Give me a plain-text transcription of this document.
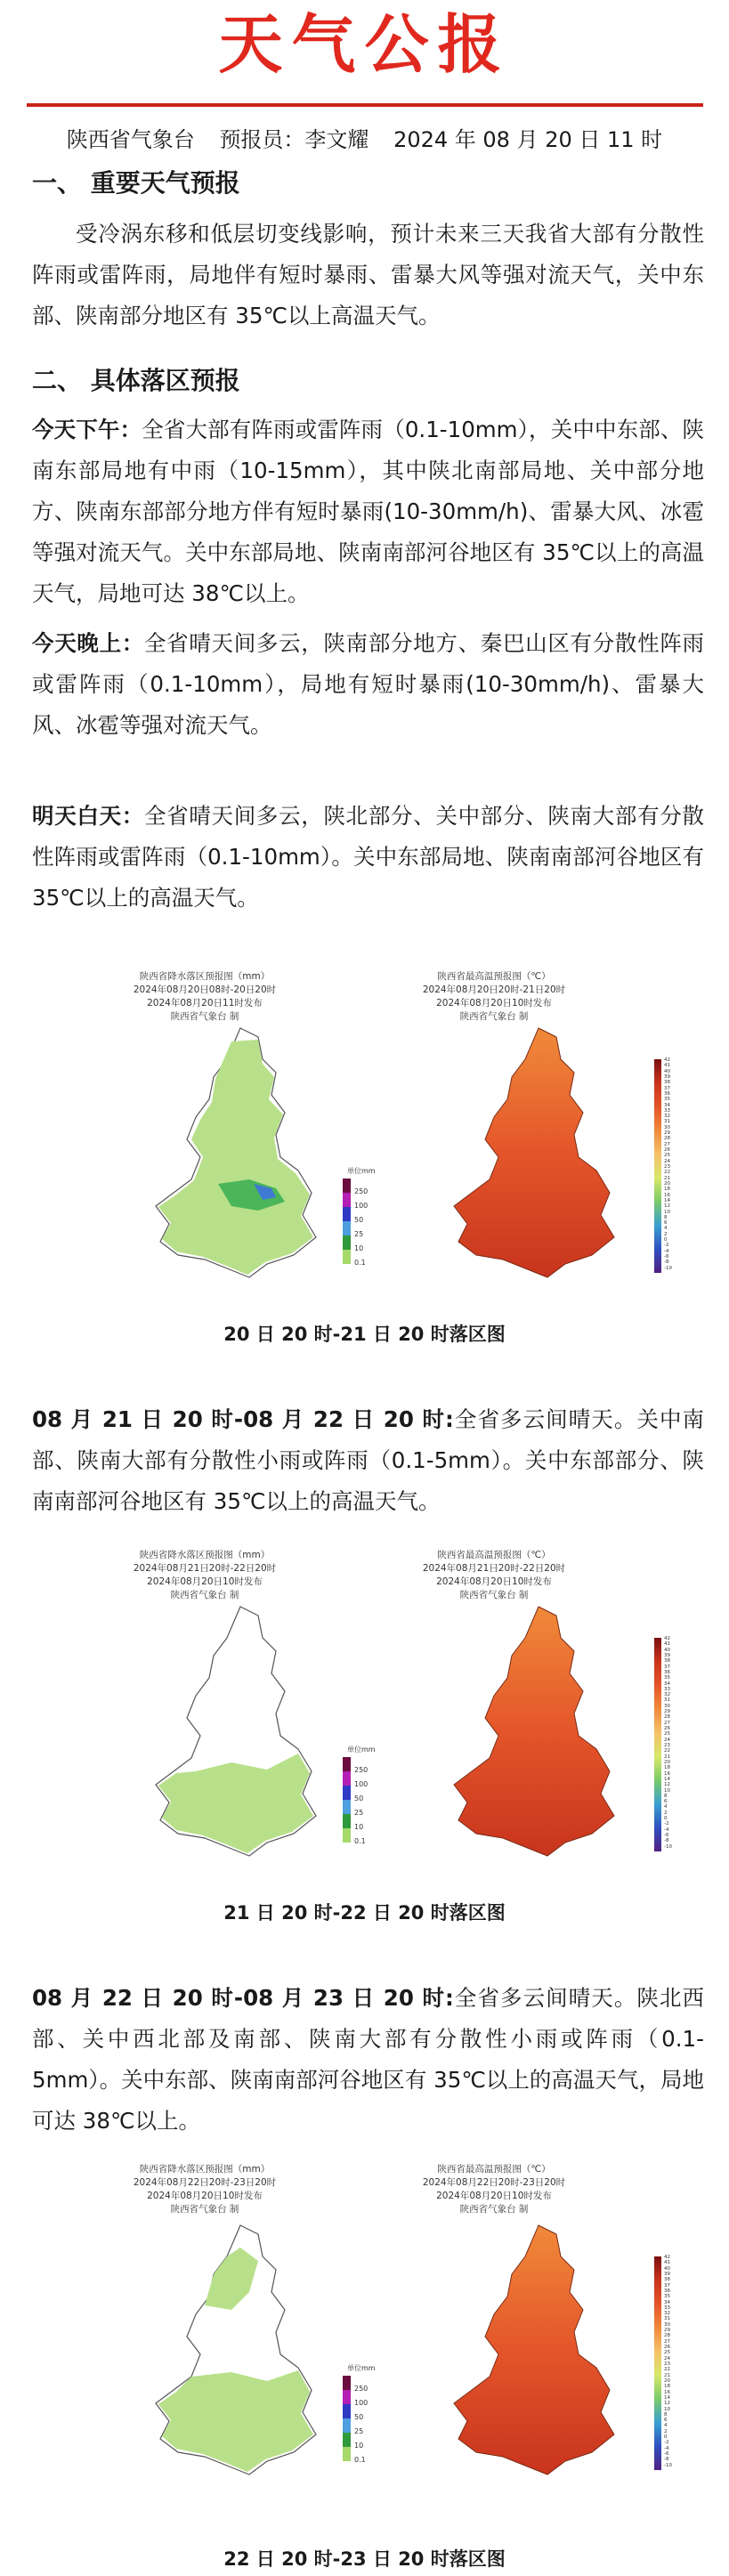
天气公报
陕西省气象台 预报员：李文耀 2024 年 08 月 20 日 11 时
一、 重要天气预报
受冷涡东移和低层切变线影响，预计未来三天我省大部有分散性阵雨或雷阵雨，局地伴有短时暴雨、雷暴大风等强对流天气，关中东部、陕南部分地区有 35℃以上高温天气。
二、 具体落区预报
今天下午：全省大部有阵雨或雷阵雨（0.1-10mm），关中中东部、陕南东部局地有中雨（10-15mm），其中陕北南部局地、关中部分地方、陕南东部部分地方伴有短时暴雨(10-30mm/h)、雷暴大风、冰雹等强对流天气。关中东部局地、陕南南部河谷地区有 35℃以上的高温天气，局地可达 38℃以上。
今天晚上：全省晴天间多云，陕南部分地方、秦巴山区有分散性阵雨或雷阵雨（0.1-10mm），局地有短时暴雨(10-30mm/h)、雷暴大风、冰雹等强对流天气。
明天白天：全省晴天间多云，陕北部分、关中部分、陕南大部有分散性阵雨或雷阵雨（0.1-10mm）。关中东部局地、陕南南部河谷地区有 35℃以上的高温天气。
陕西省降水落区预报图（mm）
2024年08月20日08时-20日20时
2024年08月20日11时发布
陕西省气象台 制
陕西省最高温预报图（℃）
2024年08月20日20时-21日20时
2024年08月20日10时发布
陕西省气象台 制
单位mm
250
100
50
25
10
0.1
42
41
40
39
38
37
36
35
34
33
32
31
30
29
28
27
26
25
24
23
22
21
20
18
16
14
12
10
8
6
4
2
0
-2
-4
-6
-8
-10
20 日 20 时-21 日 20 时落区图
08 月 21 日 20 时-08 月 22 日 20 时:全省多云间晴天。关中南部、陕南大部有分散性小雨或阵雨（0.1-5mm）。关中东部部分、陕南南部河谷地区有 35℃以上的高温天气。
陕西省降水落区预报图（mm）
2024年08月21日20时-22日20时
2024年08月20日10时发布
陕西省气象台 制
陕西省最高温预报图（℃）
2024年08月21日20时-22日20时
2024年08月20日10时发布
陕西省气象台 制
单位mm
250
100
50
25
10
0.1
42
41
40
39
38
37
36
35
34
33
32
31
30
29
28
27
26
25
24
23
22
21
20
18
16
14
12
10
8
6
4
2
0
-2
-4
-6
-8
-10
21 日 20 时-22 日 20 时落区图
08 月 22 日 20 时-08 月 23 日 20 时:全省多云间晴天。陕北西部、关中西北部及南部、陕南大部有分散性小雨或阵雨（0.1-5mm）。关中东部、陕南南部河谷地区有 35℃以上的高温天气，局地可达 38℃以上。
陕西省降水落区预报图（mm）
2024年08月22日20时-23日20时
2024年08月20日10时发布
陕西省气象台 制
陕西省最高温预报图（℃）
2024年08月22日20时-23日20时
2024年08月20日10时发布
陕西省气象台 制
单位mm
250
100
50
25
10
0.1
42
41
40
39
38
37
36
35
34
33
32
31
30
29
28
27
26
25
24
23
22
21
20
18
16
14
12
10
8
6
4
2
0
-2
-4
-6
-8
-10
22 日 20 时-23 日 20 时落区图
